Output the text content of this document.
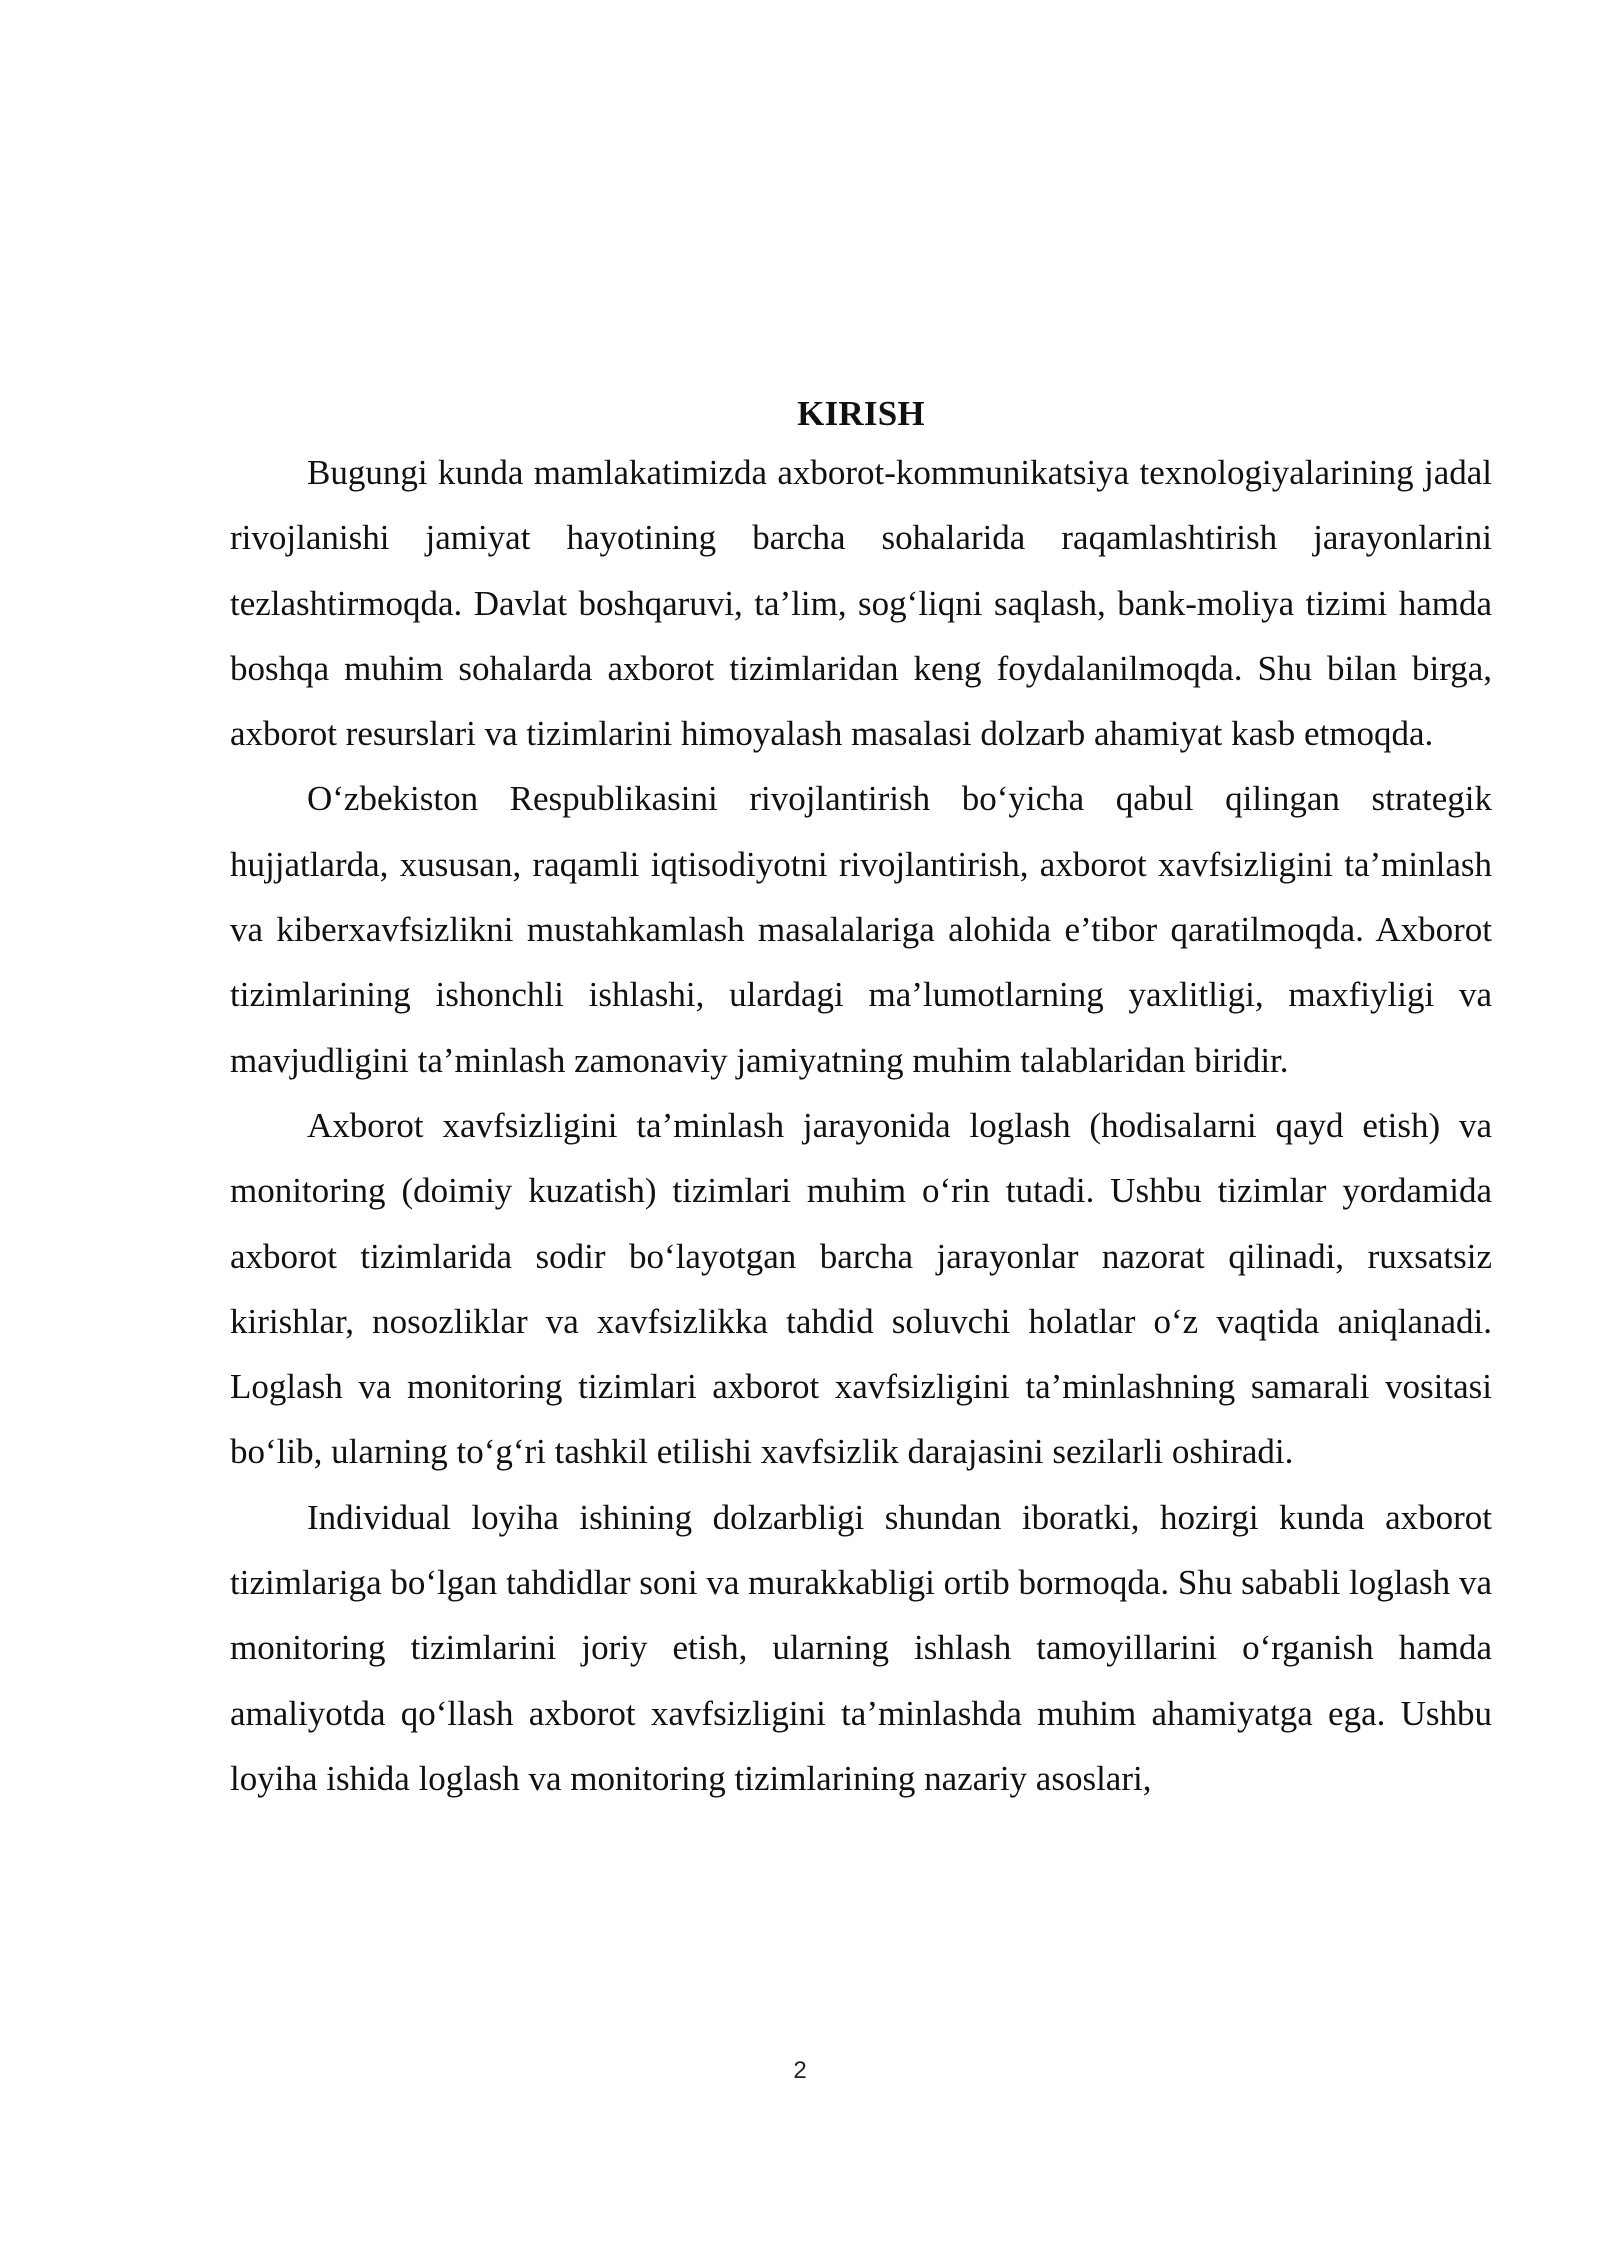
KIRISH

Bugungi kunda mamlakatimizda axborot-kommunikatsiya texnologiyalarining jadal rivojlanishi jamiyat hayotining barcha sohalarida raqamlashtirish jarayonlarini tezlashtirmoqda. Davlat boshqaruvi, ta’lim, sog‘liqni saqlash, bank-moliya tizimi hamda boshqa muhim sohalarda axborot tizimlaridan keng foydalanilmoqda. Shu bilan birga, axborot resurslari va tizimlarini himoyalash masalasi dolzarb ahamiyat kasb etmoqda.

O‘zbekiston Respublikasini rivojlantirish bo‘yicha qabul qilingan strategik hujjatlarda, xususan, raqamli iqtisodiyotni rivojlantirish, axborot xavfsizligini ta’minlash va kiberxavfsizlikni mustahkamlash masalalariga alohida e’tibor qaratilmoqda. Axborot tizimlarining ishonchli ishlashi, ulardagi ma’lumotlarning yaxlitligi, maxfiyligi va mavjudligini ta’minlash zamonaviy jamiyatning muhim talablaridan biridir.

Axborot xavfsizligini ta’minlash jarayonida loglash (hodisalarni qayd etish) va monitoring (doimiy kuzatish) tizimlari muhim o‘rin tutadi. Ushbu tizimlar yordamida axborot tizimlarida sodir bo‘layotgan barcha jarayonlar nazorat qilinadi, ruxsatsiz kirishlar, nosozliklar va xavfsizlikka tahdid soluvchi holatlar o‘z vaqtida aniqlanadi. Loglash va monitoring tizimlari axborot xavfsizligini ta’minlashning samarali vositasi bo‘lib, ularning to‘g‘ri tashkil etilishi xavfsizlik darajasini sezilarli oshiradi.

Individual loyiha ishining dolzarbligi shundan iboratki, hozirgi kunda axborot tizimlariga bo‘lgan tahdidlar soni va murakkabligi ortib bormoqda. Shu sababli loglash va monitoring tizimlarini joriy etish, ularning ishlash tamoyillarini o‘rganish hamda amaliyotda qo‘llash axborot xavfsizligini ta’minlashda muhim ahamiyatga ega. Ushbu loyiha ishida loglash va monitoring tizimlarining nazariy asoslari,

2
